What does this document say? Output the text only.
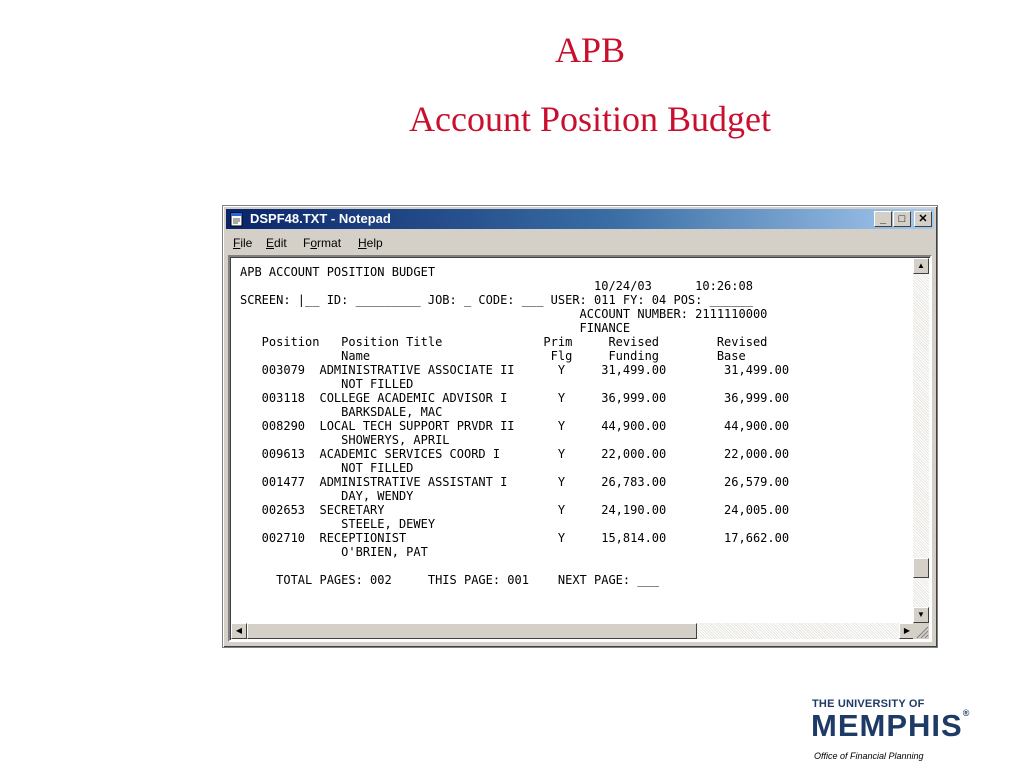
APB
Account Position Budget
DSPF48.TXT - Notepad	_	□	✕
File Edit Format Help
APB ACCOUNT POSITION BUDGET
10/24/03      10:26:08
SCREEN: |__ ID: _________ JOB: _ CODE: ___ USER: 011 FY: 04 POS: ______
ACCOUNT NUMBER: 2111110000
FINANCE
Position   Position Title              Prim     Revised        Revised
Name                         Flg     Funding        Base
003079  ADMINISTRATIVE ASSOCIATE II      Y     31,499.00        31,499.00
NOT FILLED
003118  COLLEGE ACADEMIC ADVISOR I       Y     36,999.00        36,999.00
BARKSDALE, MAC
008290  LOCAL TECH SUPPORT PRVDR II      Y     44,900.00        44,900.00
SHOWERYS, APRIL
009613  ACADEMIC SERVICES COORD I        Y     22,000.00        22,000.00
NOT FILLED
001477  ADMINISTRATIVE ASSISTANT I       Y     26,783.00        26,579.00
DAY, WENDY
002653  SECRETARY                        Y     24,190.00        24,005.00
STEELE, DEWEY
002710  RECEPTIONIST                     Y     15,814.00        17,662.00
O'BRIEN, PAT

TOTAL PAGES: 002     THIS PAGE: 001    NEXT PAGE: ___
▲
▼
◀	▶
THE UNIVERSITY OF
MEMPHIS®
Office of Financial Planning
